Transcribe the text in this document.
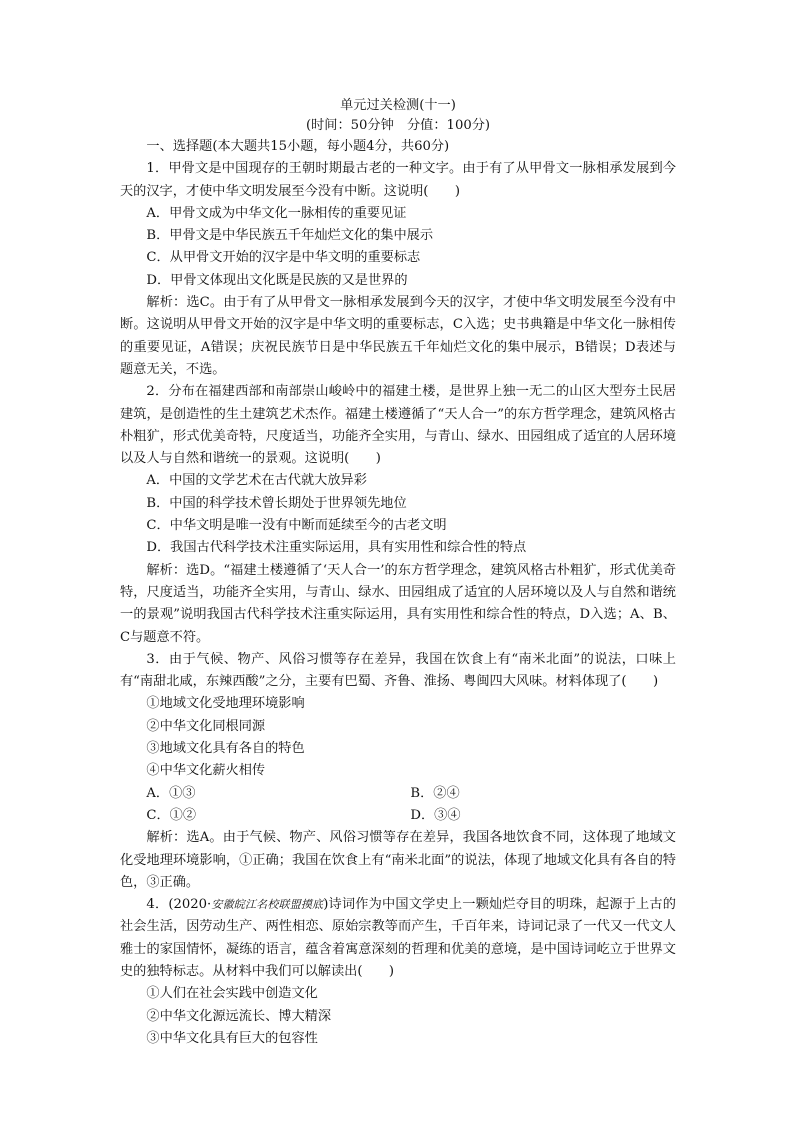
单元过关检测(十一)
(时间：50分钟　分值：100分)

一、选择题(本大题共15小题，每小题4分，共60分)

1．甲骨文是中国现存的王朝时期最古老的一种文字。由于有了从甲骨文一脉相承发展到今天的汉字，才使中华文明发展至今没有中断。这说明(　　)

A．甲骨文成为中华文化一脉相传的重要见证

B．甲骨文是中华民族五千年灿烂文化的集中展示

C．从甲骨文开始的汉字是中华文明的重要标志

D．甲骨文体现出文化既是民族的又是世界的

解析：选C。由于有了从甲骨文一脉相承发展到今天的汉字，才使中华文明发展至今没有中断。这说明从甲骨文开始的汉字是中华文明的重要标志，C入选；史书典籍是中华文化一脉相传的重要见证，A错误；庆祝民族节日是中华民族五千年灿烂文化的集中展示，B错误；D表述与题意无关，不选。

2．分布在福建西部和南部崇山峻岭中的福建土楼，是世界上独一无二的山区大型夯土民居建筑，是创造性的生土建筑艺术杰作。福建土楼遵循了“天人合一”的东方哲学理念，建筑风格古朴粗犷，形式优美奇特，尺度适当，功能齐全实用，与青山、绿水、田园组成了适宜的人居环境以及人与自然和谐统一的景观。这说明(　　)

A．中国的文学艺术在古代就大放异彩

B．中国的科学技术曾长期处于世界领先地位

C．中华文明是唯一没有中断而延续至今的古老文明

D．我国古代科学技术注重实际运用，具有实用性和综合性的特点

解析：选D。“福建土楼遵循了‘天人合一’的东方哲学理念，建筑风格古朴粗犷，形式优美奇特，尺度适当，功能齐全实用，与青山、绿水、田园组成了适宜的人居环境以及人与自然和谐统一的景观”说明我国古代科学技术注重实际运用，具有实用性和综合性的特点，D入选；A、B、C与题意不符。

3．由于气候、物产、风俗习惯等存在差异，我国在饮食上有“南米北面”的说法，口味上有“南甜北咸，东辣西酸”之分，主要有巴蜀、齐鲁、淮扬、粤闽四大风味。材料体现了(　　)

①地域文化受地理环境影响

②中华文化同根同源

③地域文化具有各自的特色

④中华文化薪火相传

A．①③	B．②④
C．①②	D．③④

解析：选A。由于气候、物产、风俗习惯等存在差异，我国各地饮食不同，这体现了地域文化受地理环境影响，①正确；我国在饮食上有“南米北面”的说法，体现了地域文化具有各自的特色，③正确。

4．(2020·安徽皖江名校联盟摸底)诗词作为中国文学史上一颗灿烂夺目的明珠，起源于上古的社会生活，因劳动生产、两性相恋、原始宗教等而产生，千百年来，诗词记录了一代又一代文人雅士的家国情怀，凝练的语言，蕴含着寓意深刻的哲理和优美的意境，是中国诗词屹立于世界文史的独特标志。从材料中我们可以解读出(　　)

①人们在社会实践中创造文化

②中华文化源远流长、博大精深

③中华文化具有巨大的包容性
